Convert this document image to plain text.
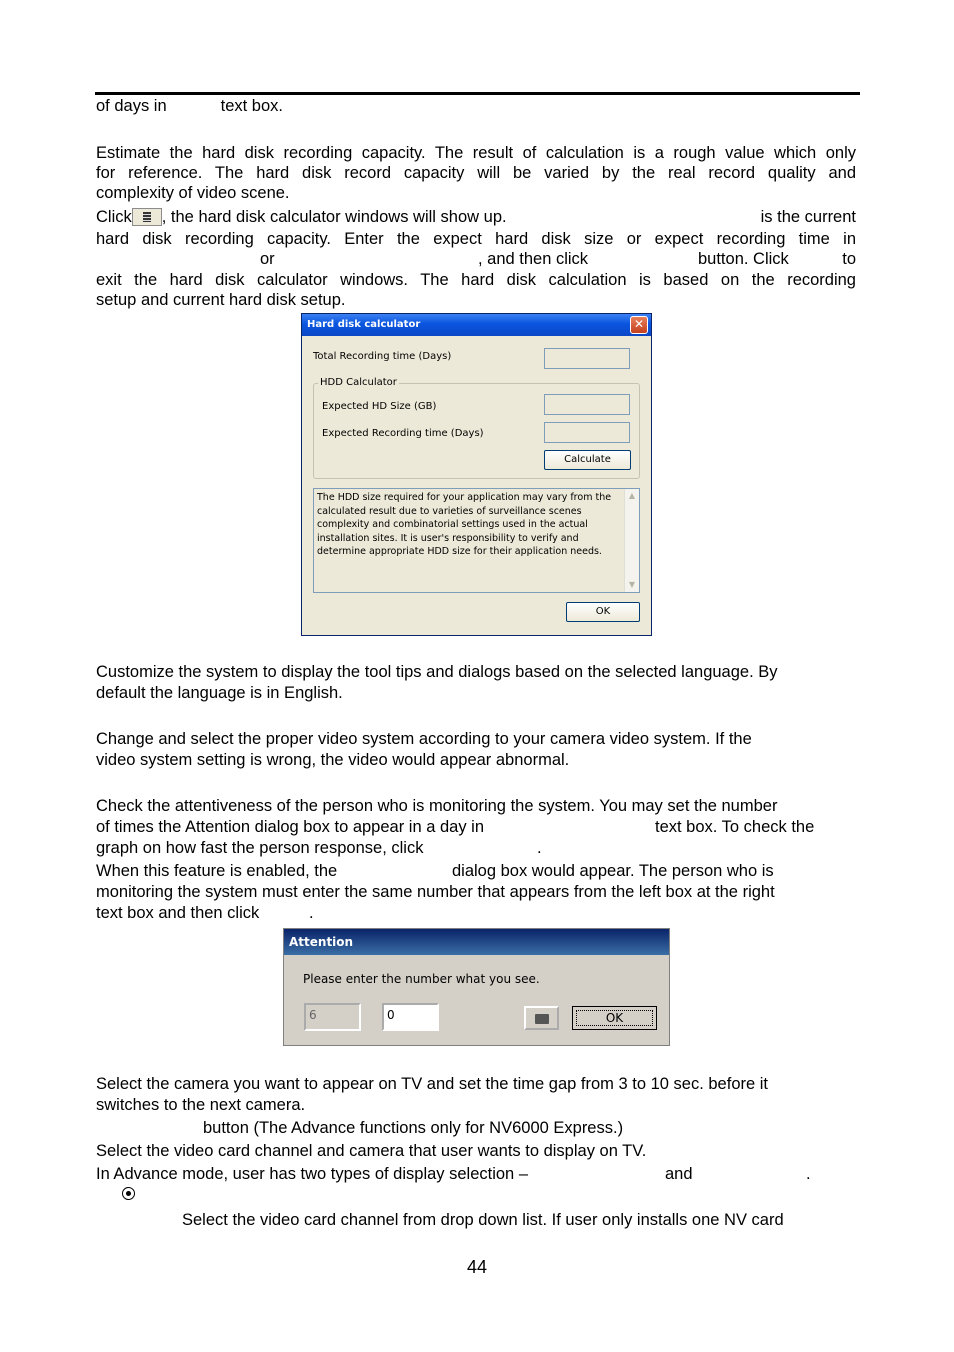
of days in	text box.
Estimate the hard disk recording capacity. The result of calculation is a rough value which only
for reference. The hard disk record capacity will be varied by the real record quality and
complexity of video scene.
Click , the hard disk calculator windows will show up.	is the current
hard disk recording capacity. Enter the expect hard disk size or expect recording time in
or	, and then click	button. Click	to
exit the hard disk calculator windows. The hard disk calculation is based on the recording
setup and current hard disk setup.
Hard disk calculator	✕
Total Recording time (Days)
HDD Calculator
Expected HD Size (GB)
Expected Recording time (Days)
Calculate
The HDD size required for your application may vary from the
calculated result due to varieties of surveillance scenes
complexity and combinatorial settings used in the actual
installation sites. It is user's responsibility to verify and
determine appropriate HDD size for their application needs.
▲
▼
OK
Customize the system to display the tool tips and dialogs based on the selected language. By
default the language is in English.
Change and select the proper video system according to your camera video system. If the
video system setting is wrong, the video would appear abnormal.
Check the attentiveness of the person who is monitoring the system. You may set the number
of times the Attention dialog box to appear in a day in	text box. To check the
graph on how fast the person response, click	.
When this feature is enabled, the	dialog box would appear. The person who is
monitoring the system must enter the same number that appears from the left box at the right
text box and then click	.
Attention
Please enter the number what you see.
6	0	OK
Select the camera you want to appear on TV and set the time gap from 3 to 10 sec. before it
switches to the next camera.
button (The Advance functions only for NV6000 Express.)
Select the video card channel and camera that user wants to display on TV.
In Advance mode, user has two types of display selection –	and	.
Select the video card channel from drop down list. If user only installs one NV card
44
